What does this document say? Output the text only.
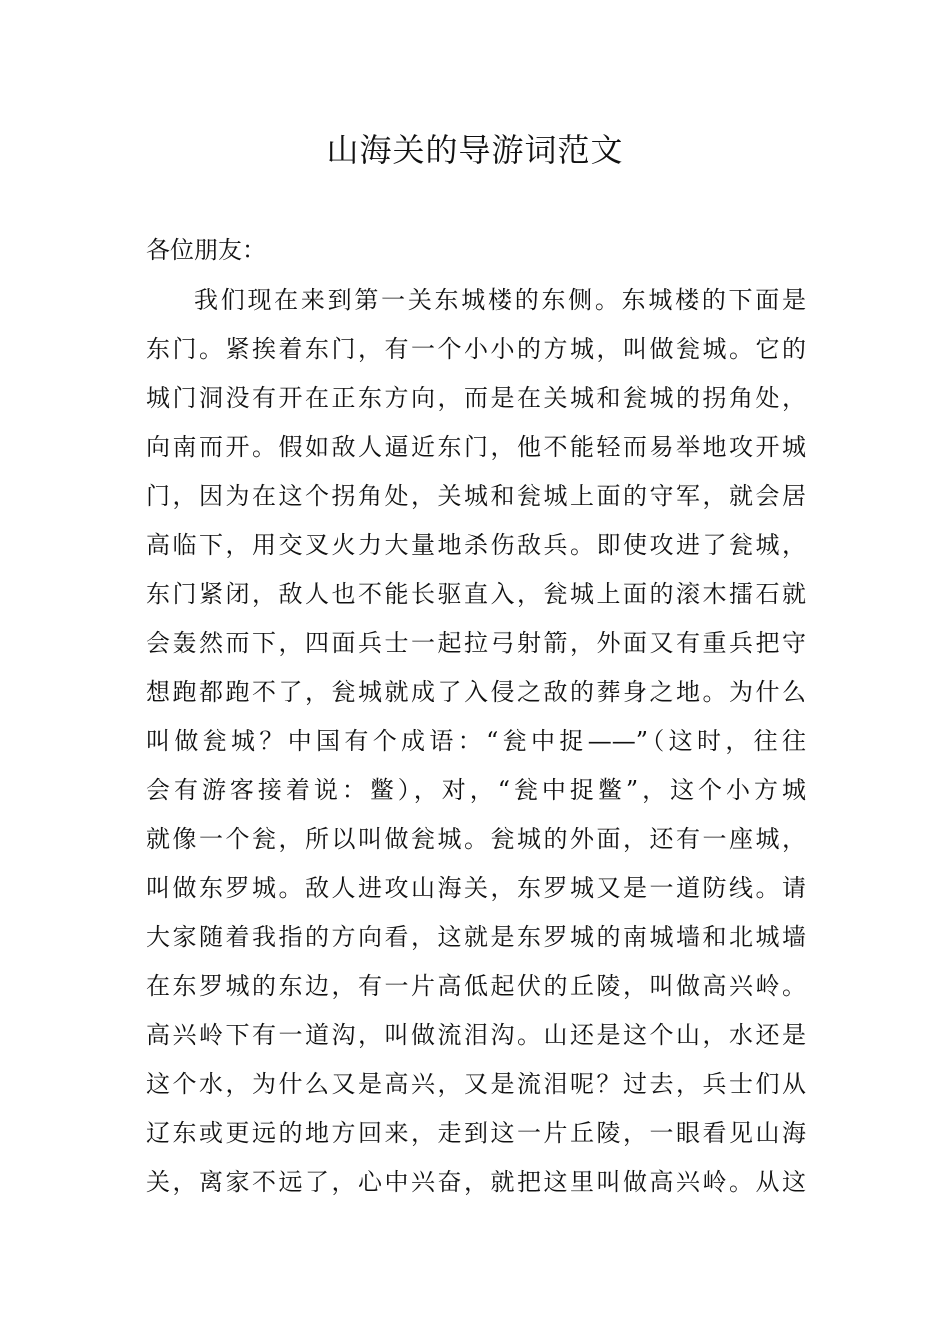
山海关的导游词范文

各位朋友：

我们现在来到第一关东城楼的东侧。东城楼的下面是
东门。紧挨着东门，有一个小小的方城，叫做瓮城。它的
城门洞没有开在正东方向，而是在关城和瓮城的拐角处，
向南而开。假如敌人逼近东门，他不能轻而易举地攻开城
门，因为在这个拐角处，关城和瓮城上面的守军，就会居
高临下，用交叉火力大量地杀伤敌兵。即使攻进了瓮城，
东门紧闭，敌人也不能长驱直入，瓮城上面的滚木擂石就
会轰然而下，四面兵士一起拉弓射箭，外面又有重兵把守
想跑都跑不了，瓮城就成了入侵之敌的葬身之地。为什么
叫做瓮城？中国有个成语：“瓮中捉——”（这时，往往
会有游客接着说：鳖），对，“瓮中捉鳖”，这个小方城
就像一个瓮，所以叫做瓮城。瓮城的外面，还有一座城，
叫做东罗城。敌人进攻山海关，东罗城又是一道防线。请
大家随着我指的方向看，这就是东罗城的南城墙和北城墙
在东罗城的东边，有一片高低起伏的丘陵，叫做高兴岭。
高兴岭下有一道沟，叫做流泪沟。山还是这个山，水还是
这个水，为什么又是高兴，又是流泪呢？过去，兵士们从
辽东或更远的地方回来，走到这一片丘陵，一眼看见山海
关，离家不远了，心中兴奋，就把这里叫做高兴岭。从这
